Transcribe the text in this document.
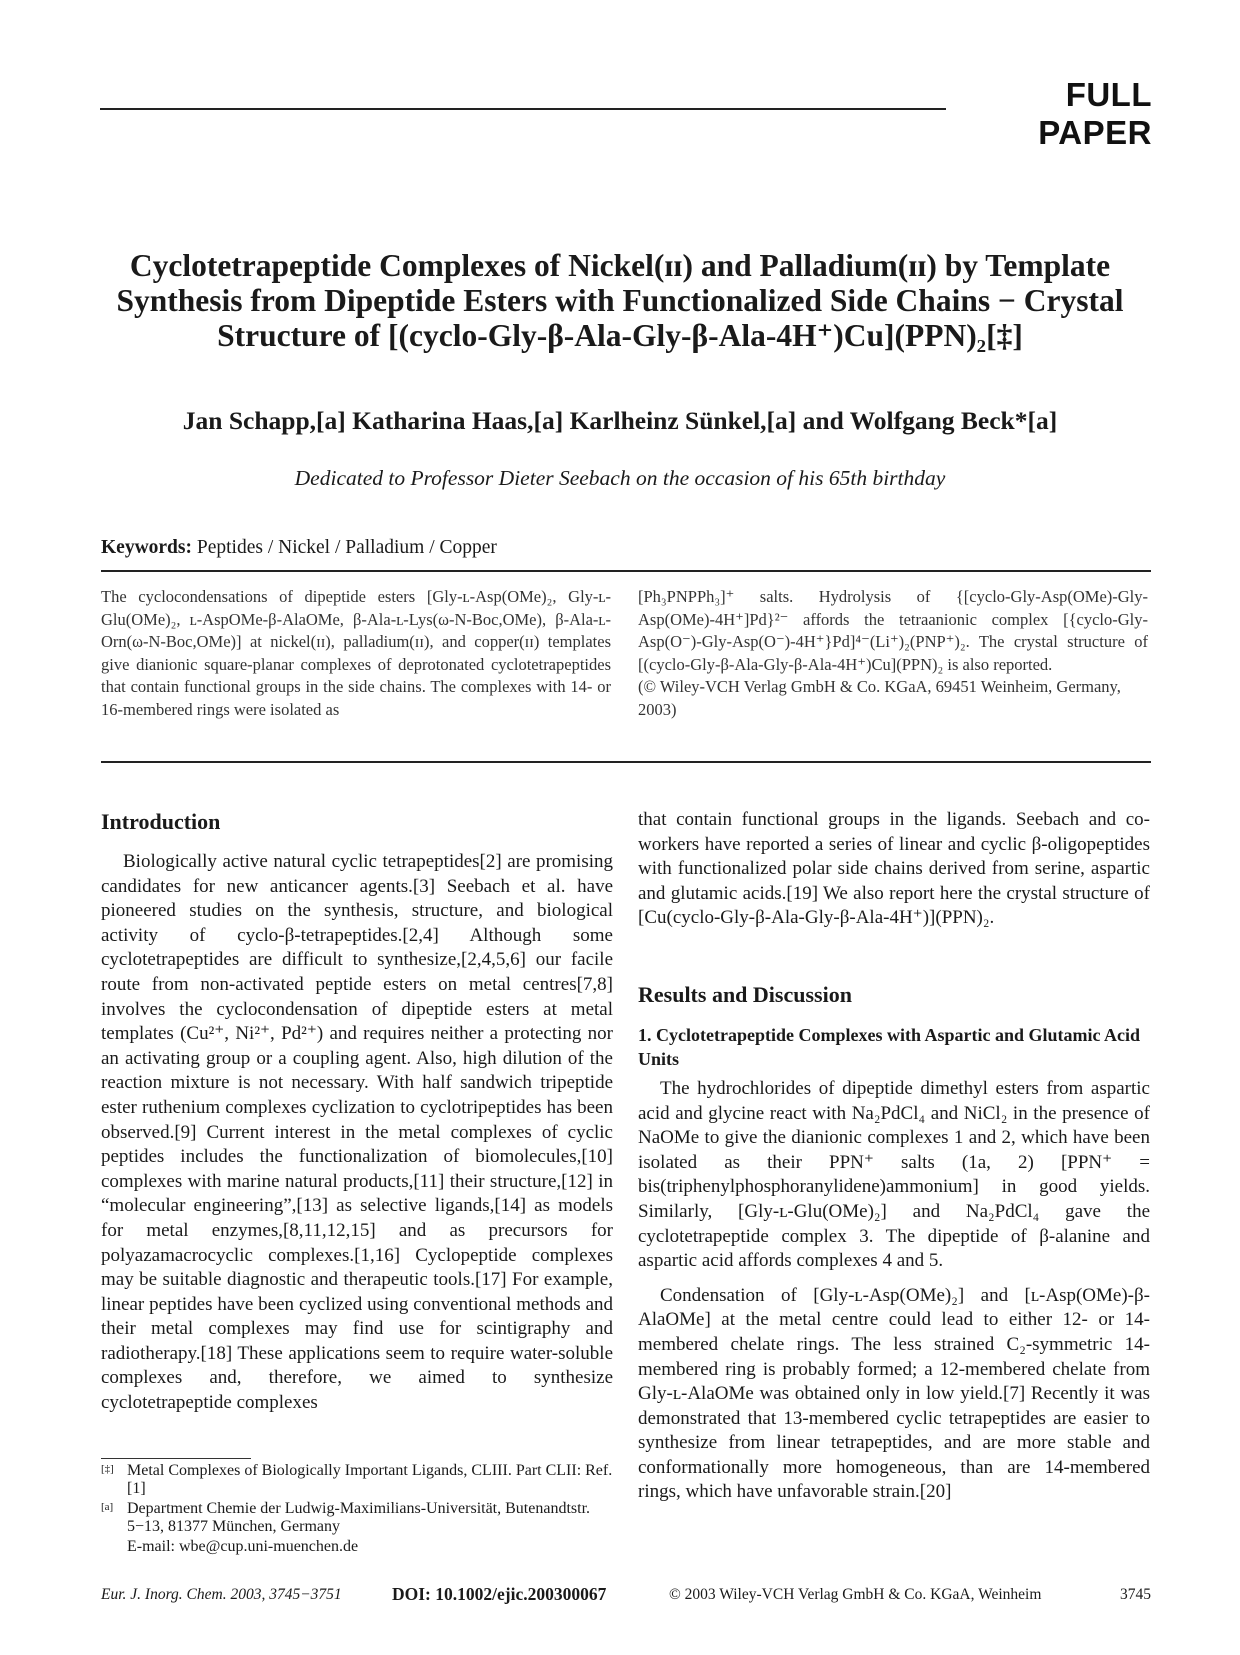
FULL PAPER
Cyclotetrapeptide Complexes of Nickel(ɪɪ) and Palladium(ɪɪ) by Template Synthesis from Dipeptide Esters with Functionalized Side Chains − Crystal Structure of [(cyclo-Gly-β-Ala-Gly-β-Ala-4H⁺)Cu](PPN)₂[‡]
Jan Schapp,[a] Katharina Haas,[a] Karlheinz Sünkel,[a] and Wolfgang Beck*[a]
Dedicated to Professor Dieter Seebach on the occasion of his 65th birthday
Keywords: Peptides / Nickel / Palladium / Copper
The cyclocondensations of dipeptide esters [Gly-ʟ-Asp(OMe)₂, Gly-ʟ-Glu(OMe)₂, ʟ-AspOMe-β-AlaOMe, β-Ala-ʟ-Lys(ω-N-Boc,OMe), β-Ala-ʟ-Orn(ω-N-Boc,OMe)] at nickel(ɪɪ), palladium(ɪɪ), and copper(ɪɪ) templates give dianionic square-planar complexes of deprotonated cyclotetrapeptides that contain functional groups in the side chains. The complexes with 14- or 16-membered rings were isolated as

[Ph₃PNPPh₃]⁺ salts. Hydrolysis of {[cyclo-Gly-Asp(OMe)-Gly-Asp(OMe)-4H⁺]Pd}²⁻ affords the tetraanionic complex [{cyclo-Gly-Asp(O⁻)-Gly-Asp(O⁻)-4H⁺}Pd]⁴⁻(Li⁺)₂(PNP⁺)₂. The crystal structure of [(cyclo-Gly-β-Ala-Gly-β-Ala-4H⁺)Cu](PPN)₂ is also reported.

(© Wiley-VCH Verlag GmbH & Co. KGaA, 69451 Weinheim, Germany, 2003)

Introduction

Biologically active natural cyclic tetrapeptides[2] are promising candidates for new anticancer agents.[3] Seebach et al. have pioneered studies on the synthesis, structure, and biological activity of cyclo-β-tetrapeptides.[2,4] Although some cyclotetrapeptides are difficult to synthesize,[2,4,5,6] our facile route from non-activated peptide esters on metal centres[7,8] involves the cyclocondensation of dipeptide esters at metal templates (Cu²⁺, Ni²⁺, Pd²⁺) and requires neither a protecting nor an activating group or a coupling agent. Also, high dilution of the reaction mixture is not necessary. With half sandwich tripeptide ester ruthenium complexes cyclization to cyclotripeptides has been observed.[9] Current interest in the metal complexes of cyclic peptides includes the functionalization of biomolecules,[10] complexes with marine natural products,[11] their structure,[12] in “molecular engineering”,[13] as selective ligands,[14] as models for metal enzymes,[8,11,12,15] and as precursors for polyazamacrocyclic complexes.[1,16] Cyclopeptide complexes may be suitable diagnostic and therapeutic tools.[17] For example, linear peptides have been cyclized using conventional methods and their metal complexes may find use for scintigraphy and radiotherapy.[18] These applications seem to require water-soluble complexes and, therefore, we aimed to synthesize cyclotetrapeptide complexes

that contain functional groups in the ligands. Seebach and co-workers have reported a series of linear and cyclic β-oligopeptides with functionalized polar side chains derived from serine, aspartic and glutamic acids.[19] We also report here the crystal structure of [Cu(cyclo-Gly-β-Ala-Gly-β-Ala-4H⁺)](PPN)₂.

Results and Discussion
1. Cyclotetrapeptide Complexes with Aspartic and Glutamic Acid Units

The hydrochlorides of dipeptide dimethyl esters from aspartic acid and glycine react with Na₂PdCl₄ and NiCl₂ in the presence of NaOMe to give the dianionic complexes 1 and 2, which have been isolated as their PPN⁺ salts (1a, 2) [PPN⁺ = bis(triphenylphosphoranylidene)ammonium] in good yields. Similarly, [Gly-ʟ-Glu(OMe)₂] and Na₂PdCl₄ gave the cyclotetrapeptide complex 3. The dipeptide of β-alanine and aspartic acid affords complexes 4 and 5.

Condensation of [Gly-ʟ-Asp(OMe)₂] and [ʟ-Asp(OMe)-β-AlaOMe] at the metal centre could lead to either 12- or 14-membered chelate rings. The less strained C₂-symmetric 14-membered ring is probably formed; a 12-membered chelate from Gly-ʟ-AlaOMe was obtained only in low yield.[7] Recently it was demonstrated that 13-membered cyclic tetrapeptides are easier to synthesize from linear tetrapeptides, and are more stable and conformationally more homogeneous, than are 14-membered rings, which have unfavorable strain.[20]

[‡] Metal Complexes of Biologically Important Ligands, CLIII. Part CLII: Ref.[1]
[a] Department Chemie der Ludwig-Maximilians-Universität, Butenandtstr. 5−13, 81377 München, Germany
E-mail: wbe@cup.uni-muenchen.de
Eur. J. Inorg. Chem. 2003, 3745−3751	DOI: 10.1002/ejic.200300067	© 2003 Wiley-VCH Verlag GmbH & Co. KGaA, Weinheim	3745
